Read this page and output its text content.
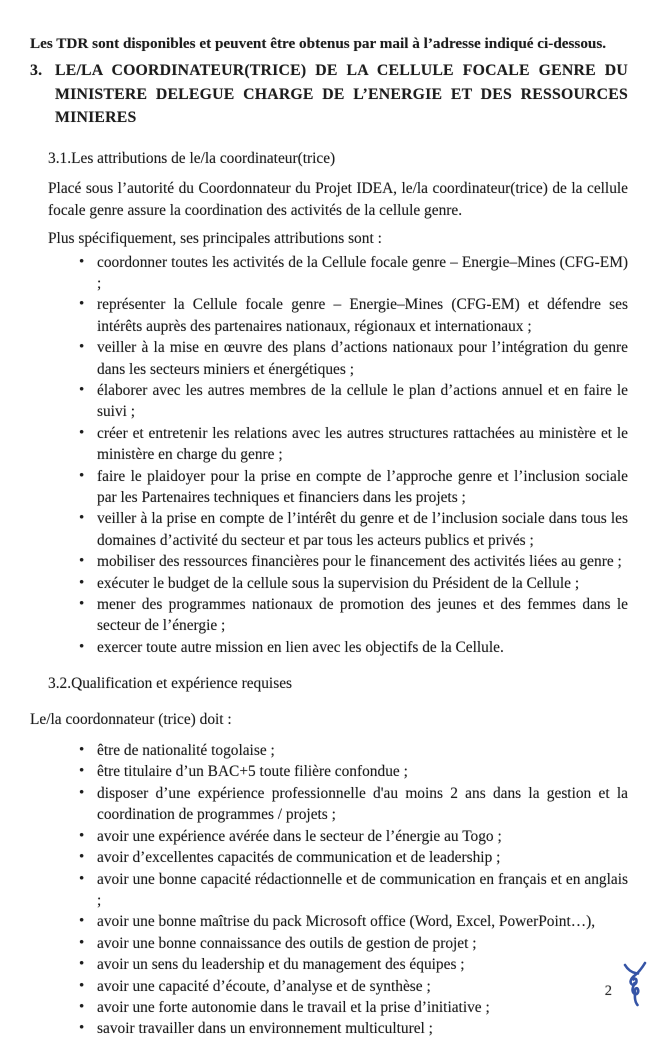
Les TDR sont disponibles et peuvent être obtenus par mail à l’adresse indiqué ci-dessous.

3. LE/LA COORDINATEUR(TRICE) DE LA CELLULE FOCALE GENRE DU MINISTERE DELEGUE CHARGE DE L’ENERGIE ET DES RESSOURCES MINIERES

3.1.Les attributions de le/la coordinateur(trice)

Placé sous l’autorité du Coordonnateur du Projet IDEA, le/la coordinateur(trice) de la cellule focale genre assure la coordination des activités de la cellule genre.

Plus spécifiquement, ses principales attributions sont :

• coordonner toutes les activités de la Cellule focale genre – Energie–Mines (CFG-EM) ;
• représenter la Cellule focale genre – Energie–Mines (CFG-EM) et défendre ses intérêts auprès des partenaires nationaux, régionaux et internationaux ;
• veiller à la mise en œuvre des plans d’actions nationaux pour l’intégration du genre dans les secteurs miniers et énergétiques ;
• élaborer avec les autres membres de la cellule le plan d’actions annuel et en faire le suivi ;
• créer et entretenir les relations avec les autres structures rattachées au ministère et le ministère en charge du genre ;
• faire le plaidoyer pour la prise en compte de l’approche genre et l’inclusion sociale par les Partenaires techniques et financiers dans les projets ;
• veiller à la prise en compte de l’intérêt du genre et de l’inclusion sociale dans tous les domaines d’activité du secteur et par tous les acteurs publics et privés ;
• mobiliser des ressources financières pour le financement des activités liées au genre ;
• exécuter le budget de la cellule sous la supervision du Président de la Cellule ;
• mener des programmes nationaux de promotion des jeunes et des femmes dans le secteur de l’énergie ;
• exercer toute autre mission en lien avec les objectifs de la Cellule.

3.2.Qualification et expérience requises

Le/la coordonnateur (trice) doit :

• être de nationalité togolaise ;
• être titulaire d’un BAC+5 toute filière confondue ;
• disposer d’une expérience professionnelle d'au moins 2 ans dans la gestion et la coordination de programmes / projets ;
• avoir une expérience avérée dans le secteur de l’énergie au Togo ;
• avoir d’excellentes capacités de communication et de leadership ;
• avoir une bonne capacité rédactionnelle et de communication en français et en anglais ;
• avoir une bonne maîtrise du pack Microsoft office (Word, Excel, PowerPoint…),
• avoir une bonne connaissance des outils de gestion de projet ;
• avoir un sens du leadership et du management des équipes ;
• avoir une capacité d’écoute, d’analyse et de synthèse ;
• avoir une forte autonomie dans le travail et la prise d’initiative ;
• savoir travailler dans un environnement multiculturel ;
2
